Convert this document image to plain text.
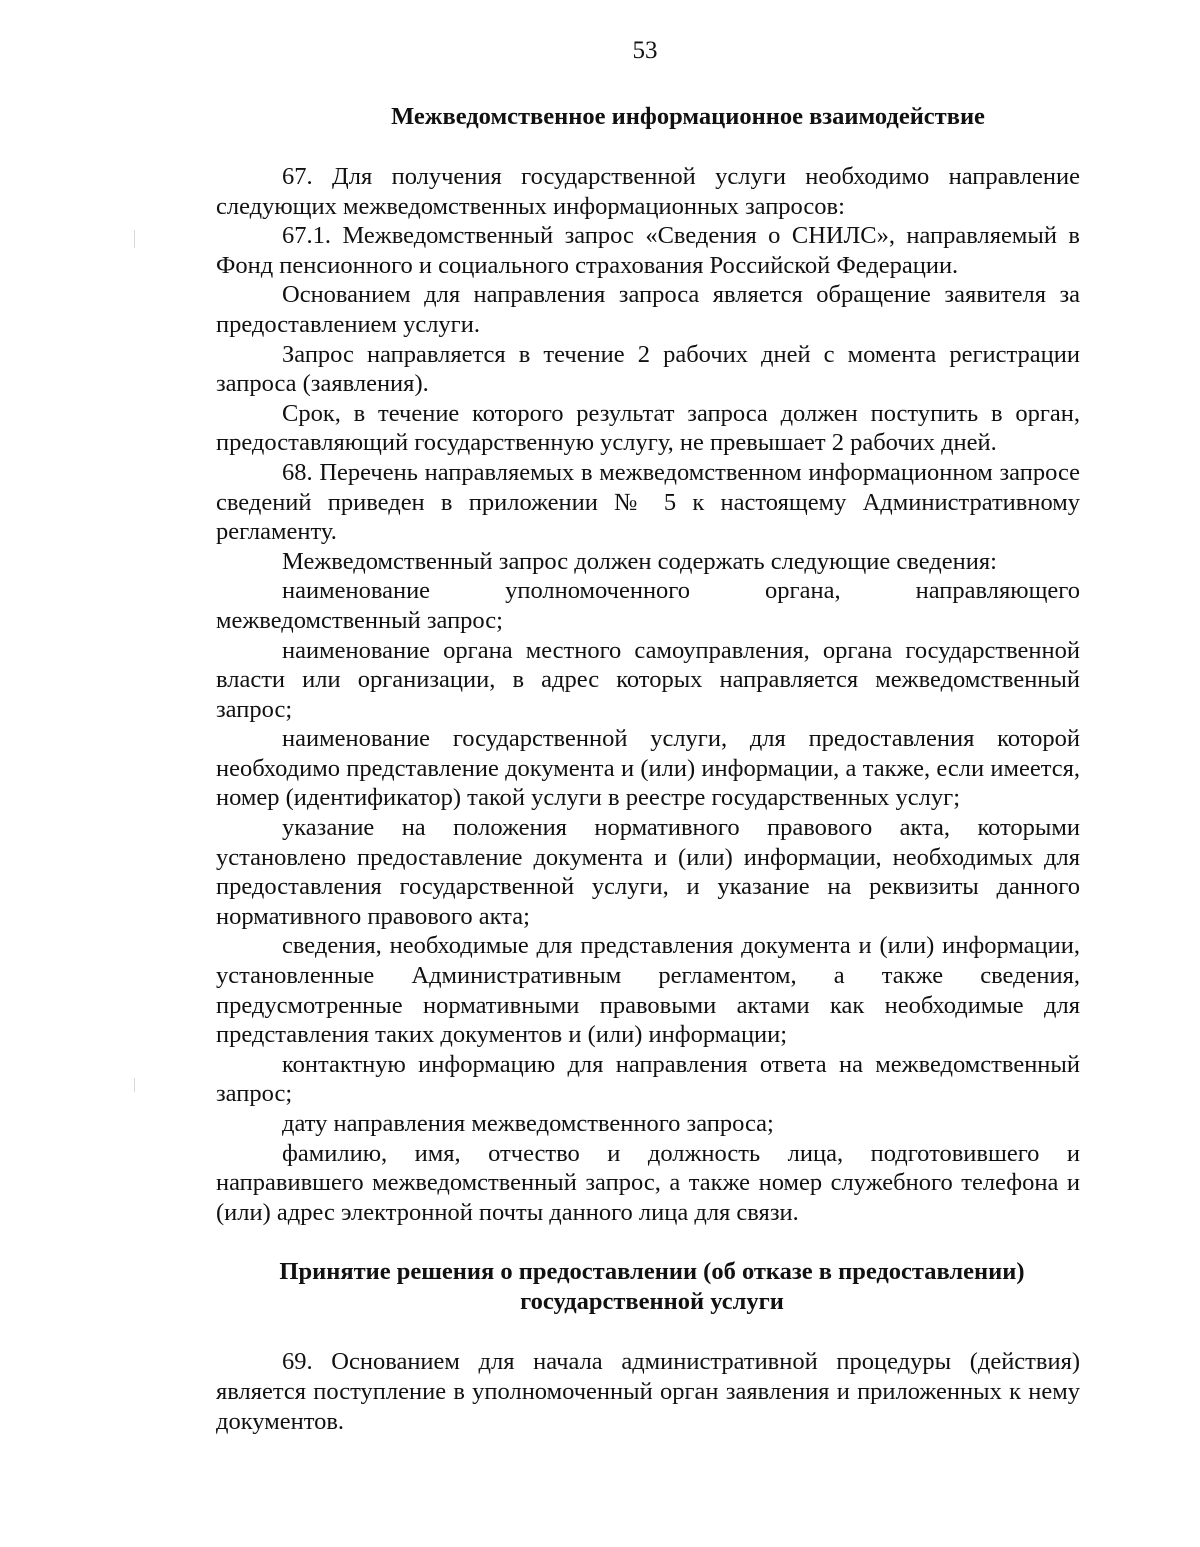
53
Межведомственное информационное взаимодействие

67. Для получения государственной услуги необходимо направление следующих межведомственных информационных запросов:

67.1. Межведомственный запрос «Сведения о СНИЛС», направляемый в Фонд пенсионного и социального страхования Российской Федерации.

Основанием для направления запроса является обращение заявителя за предоставлением услуги.

Запрос направляется в течение 2 рабочих дней с момента регистрации запроса (заявления).

Срок, в течение которого результат запроса должен поступить в орган, предоставляющий государственную услугу, не превышает 2 рабочих дней.

68. Перечень направляемых в межведомственном информационном запросе сведений приведен в приложении № 5 к настоящему Административному регламенту.

Межведомственный запрос должен содержать следующие сведения:

наименование уполномоченного органа, направляющего межведомственный запрос;

наименование органа местного самоуправления, органа государственной власти или организации, в адрес которых направляется межведомственный запрос;

наименование государственной услуги, для предоставления которой необходимо представление документа и (или) информации, а также, если имеется, номер (идентификатор) такой услуги в реестре государственных услуг;

указание на положения нормативного правового акта, которыми установлено предоставление документа и (или) информации, необходимых для предоставления государственной услуги, и указание на реквизиты данного нормативного правового акта;

сведения, необходимые для представления документа и (или) информации, установленные Административным регламентом, а также сведения, предусмотренные нормативными правовыми актами как необходимые для представления таких документов и (или) информации;

контактную информацию для направления ответа на межведомственный запрос;

дату направления межведомственного запроса;

фамилию, имя, отчество и должность лица, подготовившего и направившего межведомственный запрос, а также номер служебного телефона и (или) адрес электронной почты данного лица для связи.

Принятие решения о предоставлении (об отказе в предоставлении)
государственной услуги

69. Основанием для начала административной процедуры (действия) является поступление в уполномоченный орган заявления и приложенных к нему документов.
